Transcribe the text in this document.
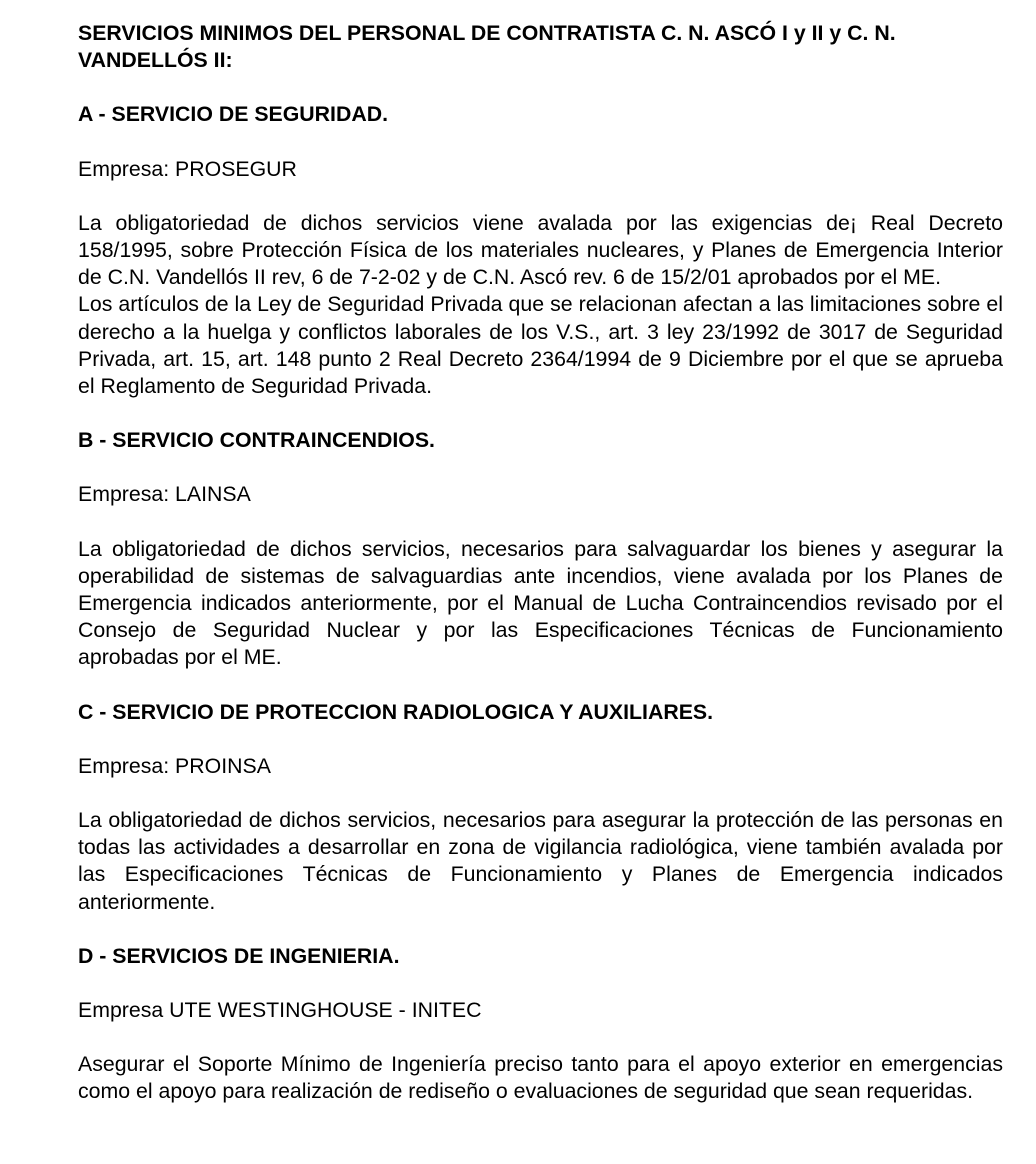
SERVICIOS MINIMOS DEL PERSONAL DE CONTRATISTA C. N. ASCÓ I y II y C. N. VANDELLÓS II:
A - SERVICIO DE SEGURIDAD.
Empresa: PROSEGUR

La obligatoriedad de dichos servicios viene avalada por las exigencias de¡ Real Decreto 158/1995, sobre Protección Física de los materiales nucleares, y Planes de Emergencia Interior de C.N. Vandellós II rev, 6 de 7-2-02 y de C.N. Ascó rev. 6 de 15/2/01 aprobados por el ME.

Los artículos de la Ley de Seguridad Privada que se relacionan afectan a las limitaciones sobre el derecho a la huelga y conflictos laborales de los V.S., art. 3 ley 23/1992 de 3017 de Seguridad Privada, art. 15, art. 148 punto 2 Real Decreto 2364/1994 de 9 Diciembre por el que se aprueba el Reglamento de Seguridad Privada.

B - SERVICIO CONTRAINCENDIOS.
Empresa: LAINSA

La obligatoriedad de dichos servicios, necesarios para salvaguardar los bienes y asegurar la operabilidad de sistemas de salvaguardias ante incendios, viene avalada por los Planes de Emergencia indicados anteriormente, por el Manual de Lucha Contraincendios revisado por el Consejo de Seguridad Nuclear y por las Especificaciones Técnicas de Funcionamiento aprobadas por el ME.

C - SERVICIO DE PROTECCION RADIOLOGICA Y AUXILIARES.
Empresa: PROINSA

La obligatoriedad de dichos servicios, necesarios para asegurar la protección de las personas en todas las actividades a desarrollar en zona de vigilancia radiológica, viene también avalada por las Especificaciones Técnicas de Funcionamiento y Planes de Emergencia indicados anteriormente.

D - SERVICIOS DE INGENIERIA.
Empresa UTE WESTINGHOUSE - INITEC

Asegurar el Soporte Mínimo de Ingeniería preciso tanto para el apoyo exterior en emergencias como el apoyo para realización de rediseño o evaluaciones de seguridad que sean requeridas.
